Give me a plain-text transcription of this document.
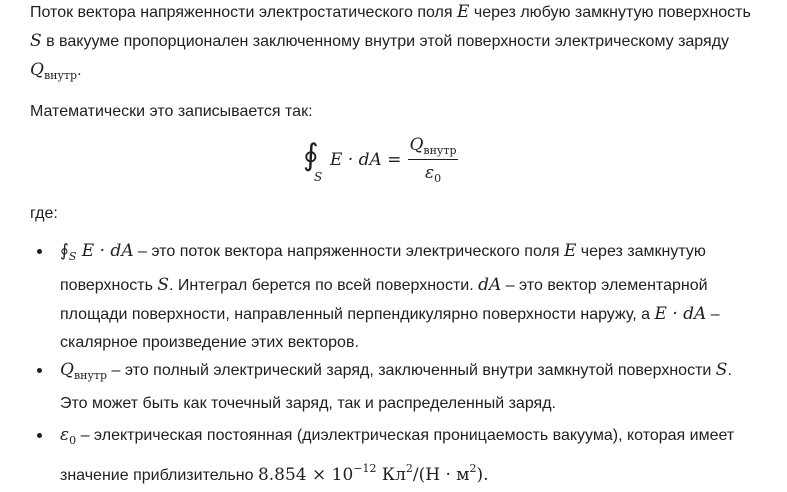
Поток вектора напряженности электростатического поля E через любую замкнутую поверхность S в вакууме пропорционален заключенному внутри этой поверхности электрическому заряду $Q_{внутр}$.

Математически это записывается так:

∮
S
E · dA =
$Q_{внутр}$
$\varepsilon_0$

где:

$∮_S$ E · dA – это поток вектора напряженности электрического поля E через замкнутую поверхность S. Интеграл берется по всей поверхности. dA – это вектор элементарной площади поверхности, направленный перпендикулярно поверхности наружу, а E · dA – скалярное произведение этих векторов.
$Q_{внутр}$ – это полный электрический заряд, заключенный внутри замкнутой поверхности S. Это может быть как точечный заряд, так и распределенный заряд.
$\varepsilon_0$ – электрическая постоянная (диэлектрическая проницаемость вакуума), которая имеет значение приблизительно $8.854 \times 10^{-12}$ $Кл^2/(Н \cdot м^2)$.
